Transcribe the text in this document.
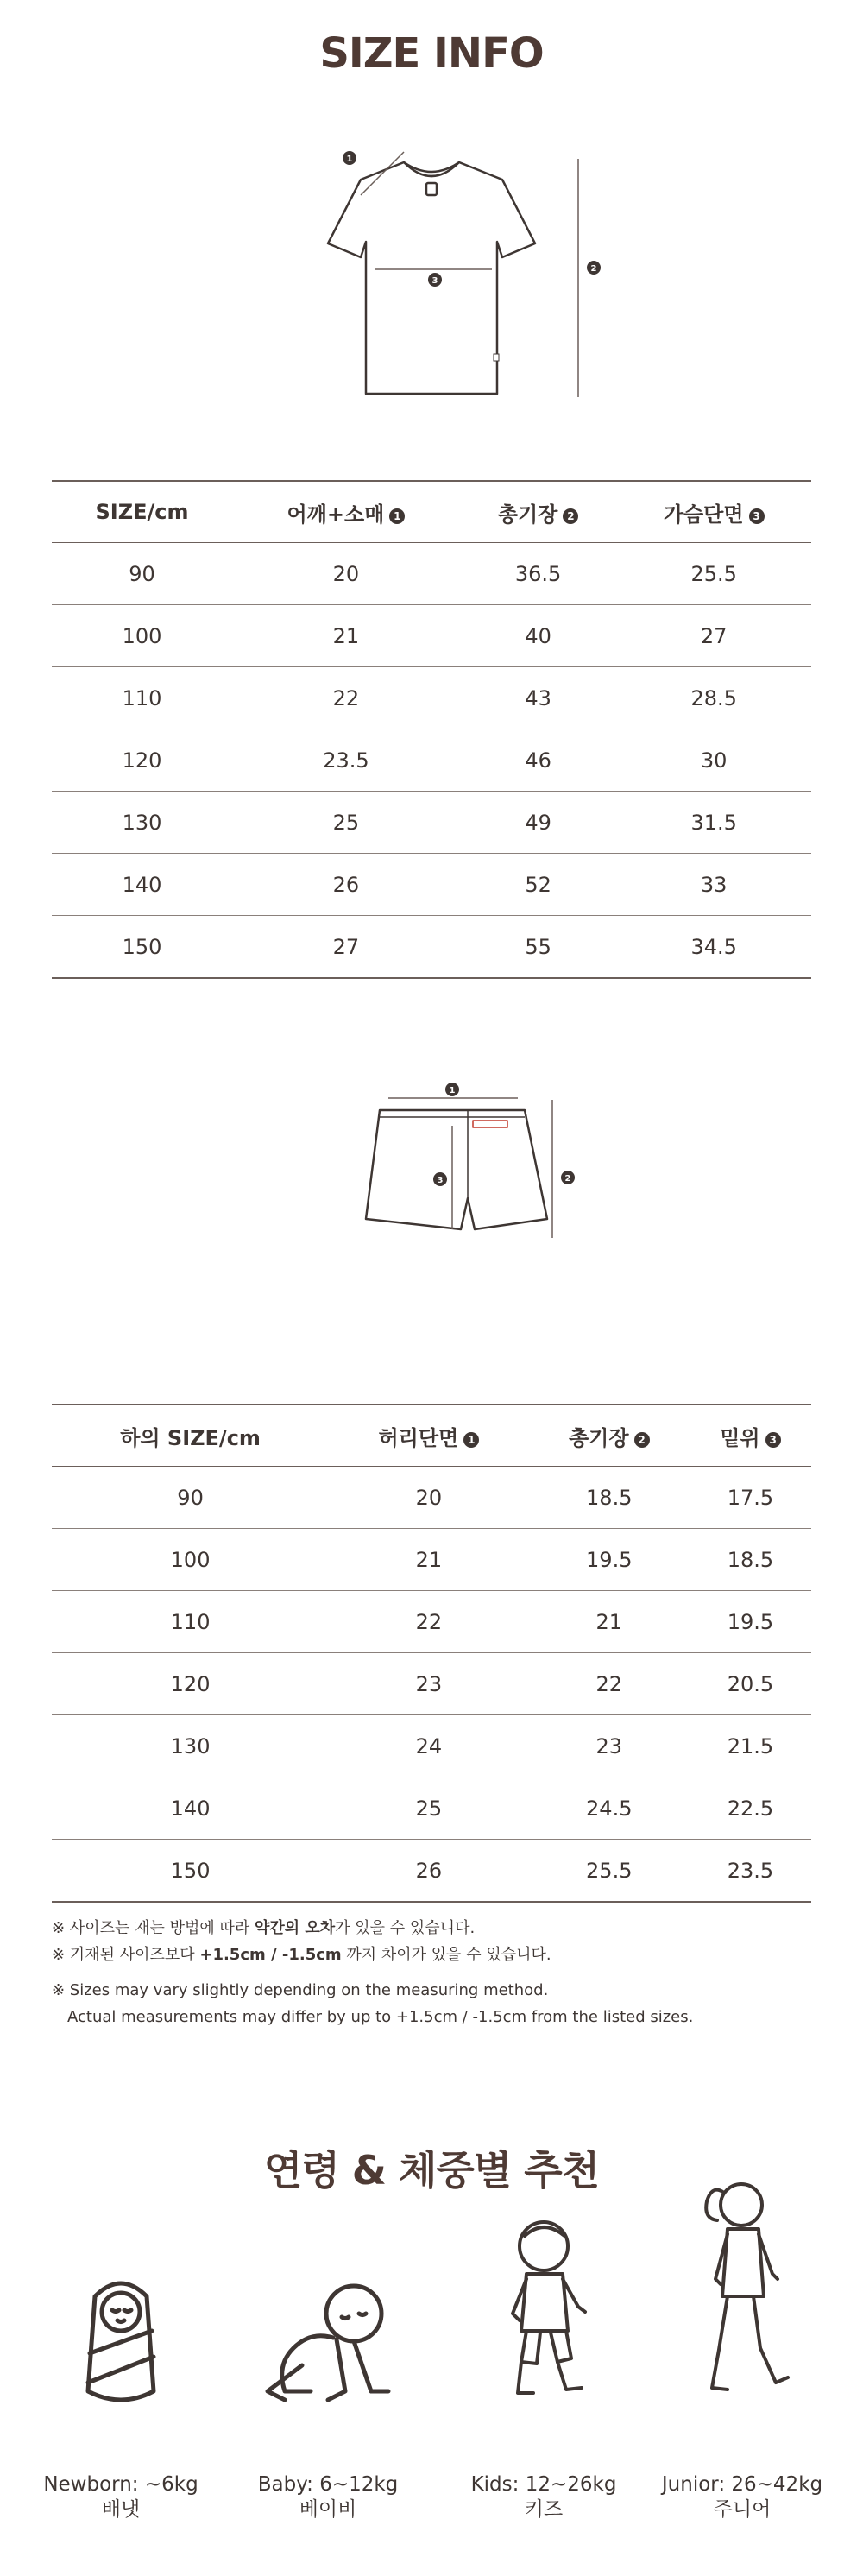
SIZE INFO
1
3
2
SIZE/cm	어깨+소매 1	총기장 2	가슴단면 3
90	20	36.5	25.5
100	21	40	27
110	22	43	28.5
120	23.5	46	30
130	25	49	31.5
140	26	52	33
150	27	55	34.5
1
3	2
하의 SIZE/cm	허리단면 1	총기장 2	밑위 3
90	20	18.5	17.5
100	21	19.5	18.5
110	22	21	19.5
120	23	22	20.5
130	24	23	21.5
140	25	24.5	22.5
150	26	25.5	23.5

※ 사이즈는 재는 방법에 따라 약간의 오차가 있을 수 있습니다.

※ 기재된 사이즈보다 +1.5cm / -1.5cm 까지 차이가 있을 수 있습니다.

※ Sizes may vary slightly depending on the measuring method.

Actual measurements may differ by up to +1.5cm / -1.5cm from the listed sizes.

연령 & 체중별 추천
Newborn: ~6kg
배냇
Baby: 6~12kg
베이비
Kids: 12~26kg
키즈
Junior: 26~42kg
주니어
